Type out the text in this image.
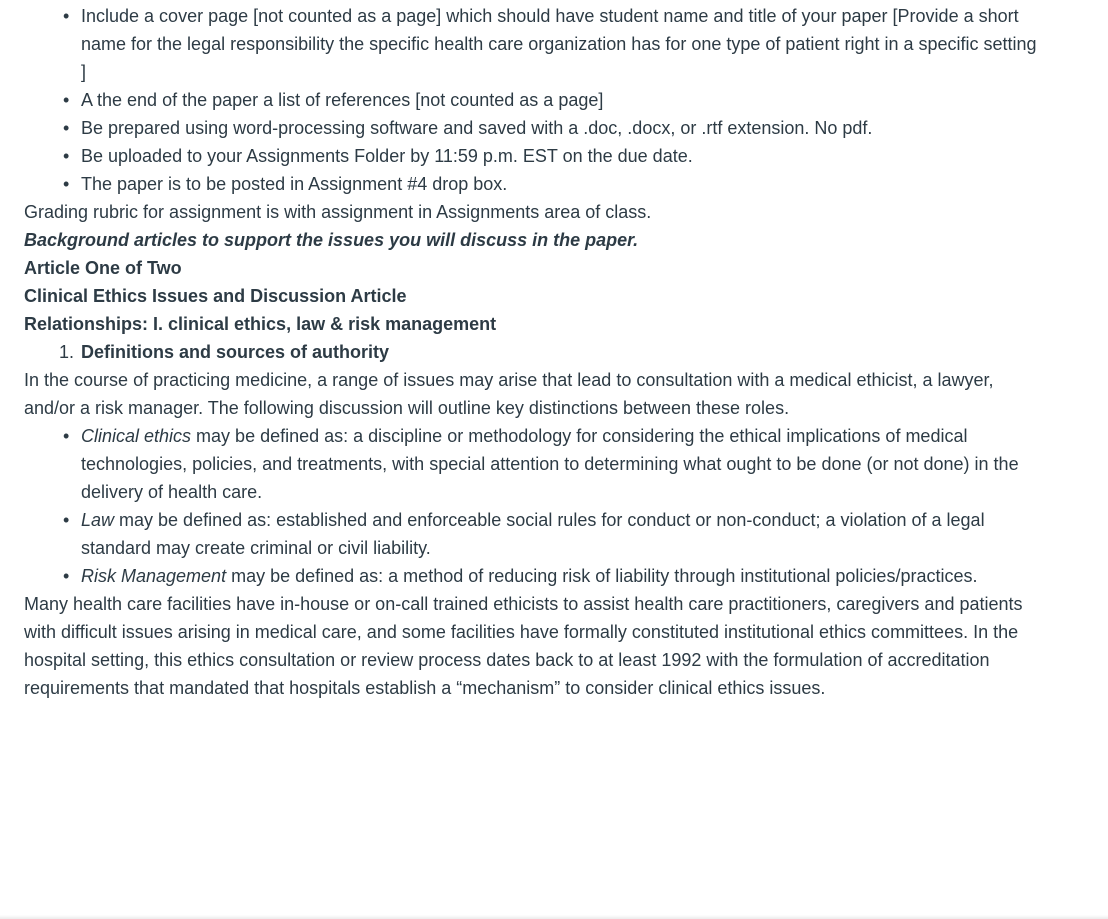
• Include a cover page [not counted as a page] which should have student name and title of your paper [Provide a short name for the legal responsibility the specific health care organization has for one type of patient right in a specific setting ]
• A the end of the paper a list of references [not counted as a page]
• Be prepared using word-processing software and saved with a .doc, .docx, or .rtf extension. No pdf.
• Be uploaded to your Assignments Folder by 11:59 p.m. EST on the due date.
• The paper is to be posted in Assignment #4 drop box.

Grading rubric for assignment is with assignment in Assignments area of class.

Background articles to support the issues you will discuss in the paper.

Article One of Two

Clinical Ethics Issues and Discussion Article

Relationships: I. clinical ethics, law & risk management

1. Definitions and sources of authority

In the course of practicing medicine, a range of issues may arise that lead to consultation with a medical ethicist, a lawyer, and/or a risk manager. The following discussion will outline key distinctions between these roles.

• Clinical ethics may be defined as: a discipline or methodology for considering the ethical implications of medical technologies, policies, and treatments, with special attention to determining what ought to be done (or not done) in the delivery of health care.
• Law may be defined as: established and enforceable social rules for conduct or non-conduct; a violation of a legal standard may create criminal or civil liability.
• Risk Management may be defined as: a method of reducing risk of liability through institutional policies/practices.

Many health care facilities have in-house or on-call trained ethicists to assist health care practitioners, caregivers and patients with difficult issues arising in medical care, and some facilities have formally constituted institutional ethics committees. In the hospital setting, this ethics consultation or review process dates back to at least 1992 with the formulation of accreditation requirements that mandated that hospitals establish a “mechanism” to consider clinical ethics issues.
